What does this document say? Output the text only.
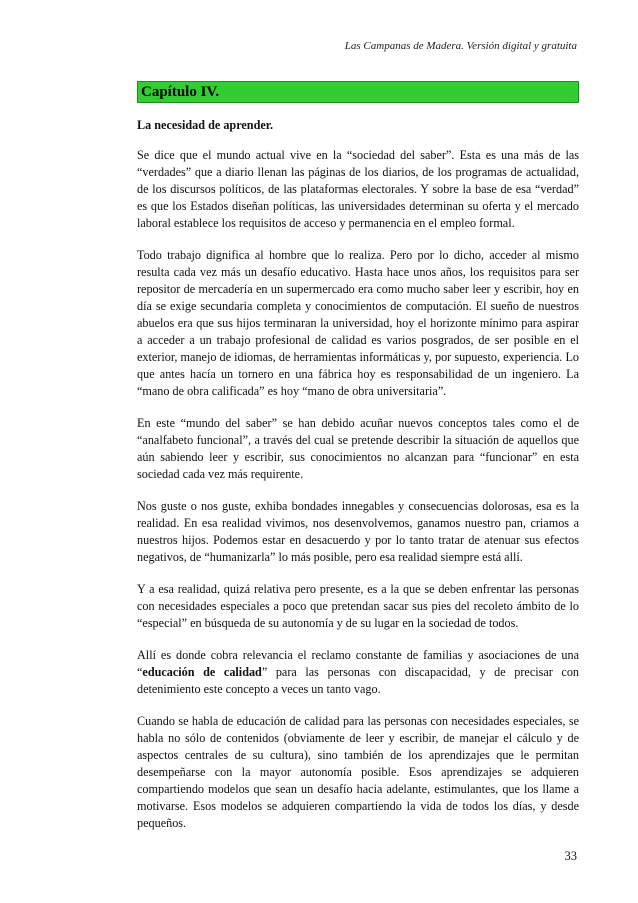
Las Campanas de Madera. Versión digital y gratuita
Capítulo IV.

La necesidad de aprender.

Se dice que el mundo actual vive en la “sociedad del saber”. Esta es una más de las “verdades” que a diario llenan las páginas de los diarios, de los programas de actualidad, de los discursos políticos, de las plataformas electorales. Y sobre la base de esa “verdad” es que los Estados diseñan políticas, las universidades determinan su oferta y el mercado laboral establece los requisitos de acceso y permanencia en el empleo formal.

Todo trabajo dignifica al hombre que lo realiza. Pero por lo dicho, acceder al mismo resulta cada vez más un desafío educativo. Hasta hace unos años, los requisitos para ser repositor de mercadería en un supermercado era como mucho saber leer y escribir, hoy en día se exige secundaria completa y conocimientos de computación. El sueño de nuestros abuelos era que sus hijos terminaran la universidad, hoy el horizonte mínimo para aspirar a acceder a un trabajo profesional de calidad es varios posgrados, de ser posible en el exterior, manejo de idiomas, de herramientas informáticas y, por supuesto, experiencia. Lo que antes hacía un tornero en una fábrica hoy es responsabilidad de un ingeniero. La “mano de obra calificada” es hoy “mano de obra universitaria”.

En este “mundo del saber” se han debido acuñar nuevos conceptos tales como el de “analfabeto funcional”, a través del cual se pretende describir la situación de aquellos que aún sabiendo leer y escribir, sus conocimientos no alcanzan para “funcionar” en esta sociedad cada vez más requirente.

Nos guste o nos guste, exhiba bondades innegables y consecuencias dolorosas, esa es la realidad. En esa realidad vivimos, nos desenvolvemos, ganamos nuestro pan, criamos a nuestros hijos. Podemos estar en desacuerdo y por lo tanto tratar de atenuar sus efectos negativos, de “humanizarla” lo más posible, pero esa realidad siempre está allí.

Y a esa realidad, quizá relativa pero presente, es a la que se deben enfrentar las personas con necesidades especiales a poco que pretendan sacar sus pies del recoleto ámbito de lo “especial” en búsqueda de su autonomía y de su lugar en la sociedad de todos.

Allí es donde cobra relevancia el reclamo constante de familias y asociaciones de una “educación de calidad” para las personas con discapacidad, y de precisar con detenimiento este concepto a veces un tanto vago.

Cuando se habla de educación de calidad para las personas con necesidades especiales, se habla no sólo de contenidos (obviamente de leer y escribir, de manejar el cálculo y de aspectos centrales de su cultura), sino también de los aprendizajes que le permitan desempeñarse con la mayor autonomía posible. Esos aprendizajes se adquieren compartiendo modelos que sean un desafío hacia adelante, estimulantes, que los llame a motivarse. Esos modelos se adquieren compartiendo la vida de todos los días, y desde pequeños.

33
